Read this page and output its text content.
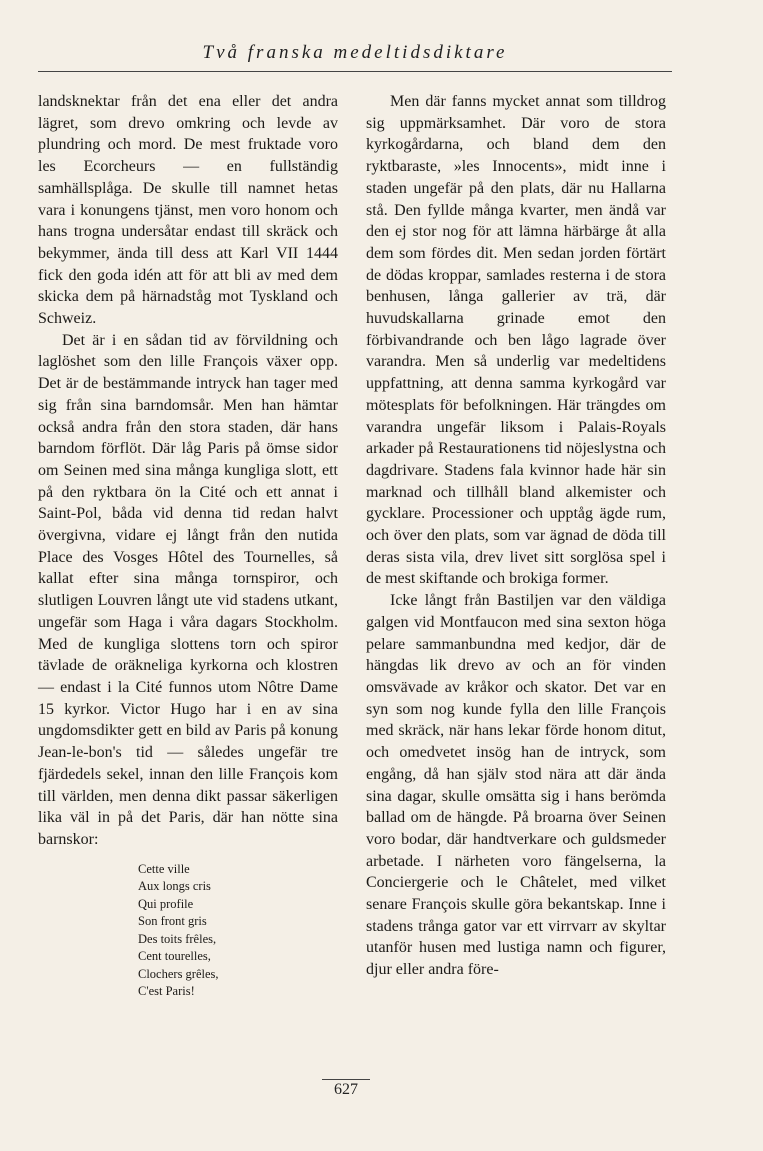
Två franska medeltidsdiktare

landsknektar från det ena eller det andra lägret, som drevo omkring och levde av plundring och mord. De mest fruktade voro les Ecorcheurs — en fullständig samhällsplåga. De skulle till namnet hetas vara i konungens tjänst, men voro honom och hans trogna undersåtar endast till skräck och bekymmer, ända till dess att Karl VII 1444 fick den goda idén att för att bli av med dem skicka dem på härnadståg mot Tyskland och Schweiz.

Det är i en sådan tid av förvildning och laglöshet som den lille François växer opp. Det är de bestämmande intryck han tager med sig från sina barndomsår. Men han hämtar också andra från den stora staden, där hans barndom förflöt. Där låg Paris på ömse sidor om Seinen med sina många kungliga slott, ett på den ryktbara ön la Cité och ett annat i Saint-Pol, båda vid denna tid redan halvt övergivna, vidare ej långt från den nutida Place des Vosges Hôtel des Tournelles, så kallat efter sina många tornspiror, och slutligen Louvren långt ute vid stadens utkant, ungefär som Haga i våra dagars Stockholm. Med de kungliga slottens torn och spiror tävlade de oräkneliga kyrkorna och klostren — endast i la Cité funnos utom Nôtre Dame 15 kyrkor. Victor Hugo har i en av sina ungdomsdikter gett en bild av Paris på konung Jean-le-bon's tid — således ungefär tre fjärdedels sekel, innan den lille François kom till världen, men denna dikt passar säkerligen lika väl in på det Paris, där han nötte sina barnskor:

Cette ville
Aux longs cris
Qui profile
Son front gris
Des toits frêles,
Cent tourelles,
Clochers grêles,
C'est Paris!

Men där fanns mycket annat som tilldrog sig uppmärksamhet. Där voro de stora kyrkogårdarna, och bland dem den ryktbaraste, »les Innocents», midt inne i staden ungefär på den plats, där nu Hallarna stå. Den fyllde många kvarter, men ändå var den ej stor nog för att lämna härbärge åt alla dem som fördes dit. Men sedan jorden förtärt de dödas kroppar, samlades resterna i de stora benhusen, långa gallerier av trä, där huvudskallarna grinade emot den förbivandrande och ben lågo lagrade över varandra. Men så underlig var medeltidens uppfattning, att denna samma kyrkogård var mötesplats för befolkningen. Här trängdes om varandra ungefär liksom i Palais-Royals arkader på Restaurationens tid nöjeslystna och dagdrivare. Stadens fala kvinnor hade här sin marknad och tillhåll bland alkemister och gycklare. Processioner och upptåg ägde rum, och över den plats, som var ägnad de döda till deras sista vila, drev livet sitt sorglösa spel i de mest skiftande och brokiga former.

Icke långt från Bastiljen var den väldiga galgen vid Montfaucon med sina sexton höga pelare sammanbundna med kedjor, där de hängdas lik drevo av och an för vinden omsvävade av kråkor och skator. Det var en syn som nog kunde fylla den lille François med skräck, när hans lekar förde honom ditut, och omedvetet insög han de intryck, som engång, då han själv stod nära att där ända sina dagar, skulle omsätta sig i hans berömda ballad om de hängde. På broarna över Seinen voro bodar, där handtverkare och guldsmeder arbetade. I närheten voro fängelserna, la Conciergerie och le Châtelet, med vilket senare François skulle göra bekantskap. Inne i stadens trånga gator var ett virrvarr av skyltar utanför husen med lustiga namn och figurer, djur eller andra före-

627
